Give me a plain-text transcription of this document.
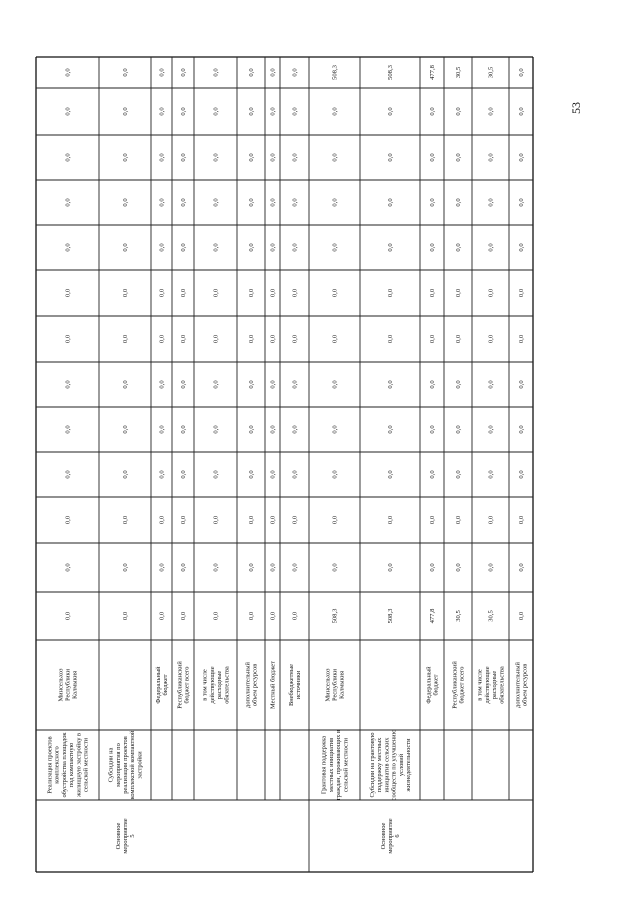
Реализация проектовкомплексногообустройства площадокпод компактнуюжилищную застройку всельской местности
МинсельхозРеспубликиКалмыкия
0,0
0,0
0,0
0,0
0,0
0,0
0,0
0,0
0,0
0,0
0,0
0,0
0,0
Основноемероприятие5
Субсидии намероприятия пореализации проектовкомплексной компактнойзастройки
0,0
0,0
0,0
0,0
0,0
0,0
0,0
0,0
0,0
0,0
0,0
0,0
0,0
Федеральныйбюджет
0,0
0,0
0,0
0,0
0,0
0,0
0,0
0,0
0,0
0,0
0,0
0,0
0,0
Республиканскийбюджет всего
0,0
0,0
0,0
0,0
0,0
0,0
0,0
0,0
0,0
0,0
0,0
0,0
0,0
в том числедействующиерасходныеобязательства
0,0
0,0
0,0
0,0
0,0
0,0
0,0
0,0
0,0
0,0
0,0
0,0
0,0
дополнительныйобъем ресурсов
0,0
0,0
0,0
0,0
0,0
0,0
0,0
0,0
0,0
0,0
0,0
0,0
0,0
Местный бюджет
0,0
0,0
0,0
0,0
0,0
0,0
0,0
0,0
0,0
0,0
0,0
0,0
0,0
Внебюджетныеисточники
0,0
0,0
0,0
0,0
0,0
0,0
0,0
0,0
0,0
0,0
0,0
0,0
0,0
Грантовая поддержкаместных инициативграждан, проживающих всельской местности
МинсельхозРеспубликиКалмыкия
508,3
0,0
0,0
0,0
0,0
0,0
0,0
0,0
0,0
0,0
0,0
0,0
508,3
Основноемероприятие6
Субсидии на грантовуюподдержку местныхинициатив сельскихсообществ по улучшениюусловийжизнедеятельности
508,3
0,0
0,0
0,0
0,0
0,0
0,0
0,0
0,0
0,0
0,0
0,0
508,3
Федеральныйбюджет
477,8
0,0
0,0
0,0
0,0
0,0
0,0
0,0
0,0
0,0
0,0
0,0
477,8
Республиканскийбюджет всего
30,5
0,0
0,0
0,0
0,0
0,0
0,0
0,0
0,0
0,0
0,0
0,0
30,5
в том числедействующиерасходныеобязательства
30,5
0,0
0,0
0,0
0,0
0,0
0,0
0,0
0,0
0,0
0,0
0,0
30,5
дополнительныйобъем ресурсов
0,0
0,0
0,0
0,0
0,0
0,0
0,0
0,0
0,0
0,0
0,0
0,0
0,0
53
